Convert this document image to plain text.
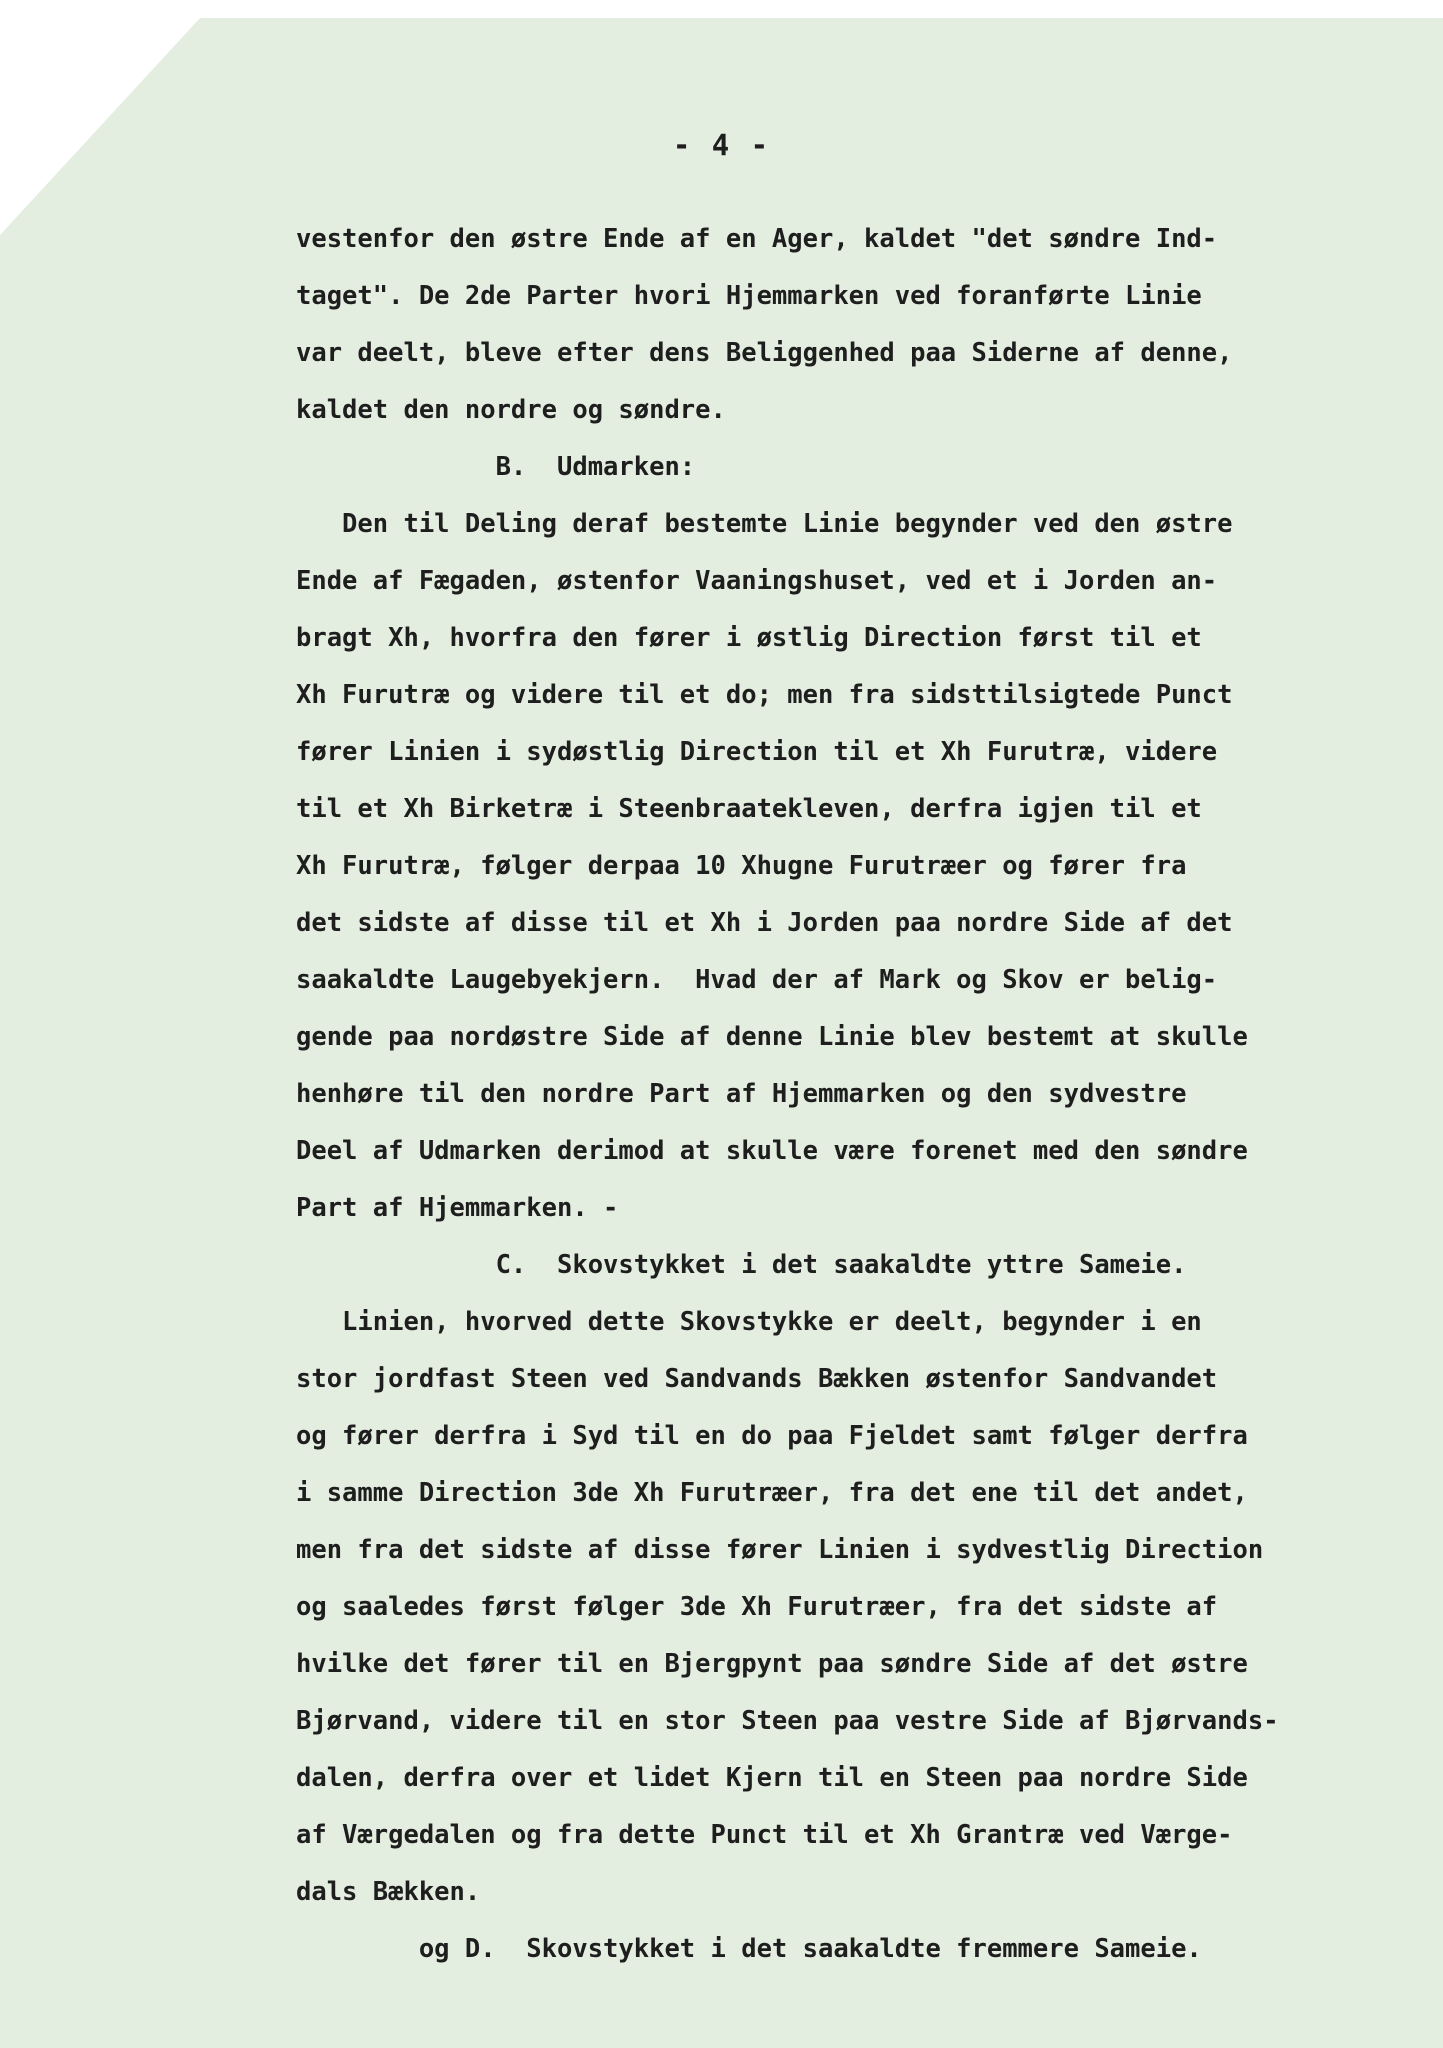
- 4 -
vestenfor den østre Ende af en Ager, kaldet "det søndre Ind-
taget". De 2de Parter hvori Hjemmarken ved foranførte Linie
var deelt, bleve efter dens Beliggenhed paa Siderne af denne,
kaldet den nordre og søndre.
B.  Udmarken:
Den til Deling deraf bestemte Linie begynder ved den østre
Ende af Fægaden, østenfor Vaaningshuset, ved et i Jorden an-
bragt Xh, hvorfra den fører i østlig Direction først til et
Xh Furutræ og videre til et do; men fra sidsttilsigtede Punct
fører Linien i sydøstlig Direction til et Xh Furutræ, videre
til et Xh Birketræ i Steenbraatekleven, derfra igjen til et
Xh Furutræ, følger derpaa 10 Xhugne Furutræer og fører fra
det sidste af disse til et Xh i Jorden paa nordre Side af det
saakaldte Laugebyekjern.  Hvad der af Mark og Skov er belig-
gende paa nordøstre Side af denne Linie blev bestemt at skulle
henhøre til den nordre Part af Hjemmarken og den sydvestre
Deel af Udmarken derimod at skulle være forenet med den søndre
Part af Hjemmarken. -
C.  Skovstykket i det saakaldte yttre Sameie.
Linien, hvorved dette Skovstykke er deelt, begynder i en
stor jordfast Steen ved Sandvands Bækken østenfor Sandvandet
og fører derfra i Syd til en do paa Fjeldet samt følger derfra
i samme Direction 3de Xh Furutræer, fra det ene til det andet,
men fra det sidste af disse fører Linien i sydvestlig Direction
og saaledes først følger 3de Xh Furutræer, fra det sidste af
hvilke det fører til en Bjergpynt paa søndre Side af det østre
Bjørvand, videre til en stor Steen paa vestre Side af Bjørvands-
dalen, derfra over et lidet Kjern til en Steen paa nordre Side
af Værgedalen og fra dette Punct til et Xh Grantræ ved Værge-
dals Bækken.
og D.  Skovstykket i det saakaldte fremmere Sameie.
